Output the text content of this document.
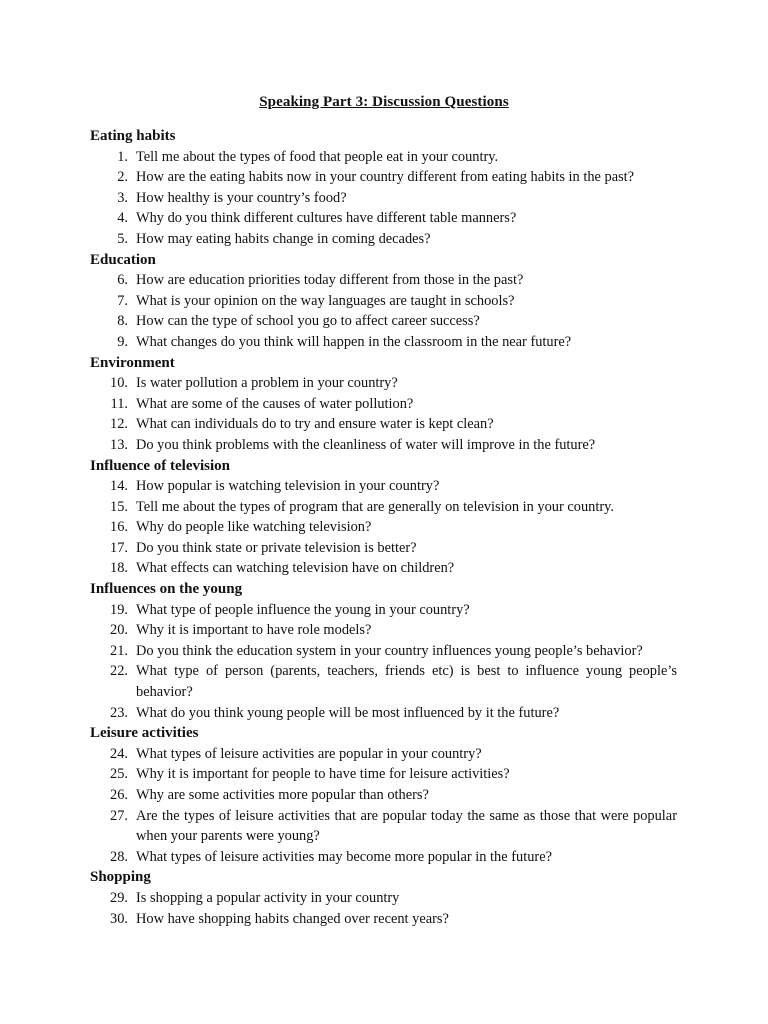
Speaking Part 3: Discussion Questions
Eating habits
1. Tell me about the types of food that people eat in your country.
2. How are the eating habits now in your country different from eating habits in the past?
3. How healthy is your country’s food?
4. Why do you think different cultures have different table manners?
5. How may eating habits change in coming decades?
Education
6. How are education priorities today different from those in the past?
7. What is your opinion on the way languages are taught in schools?
8. How can the type of school you go to affect career success?
9. What changes do you think will happen in the classroom in the near future?
Environment
10. Is water pollution a problem in your country?
11. What are some of the causes of water pollution?
12. What can individuals do to try and ensure water is kept clean?
13. Do you think problems with the cleanliness of water will improve in the future?
Influence of television
14. How popular is watching television in your country?
15. Tell me about the types of program that are generally on television in your country.
16. Why do people like watching television?
17. Do you think state or private television is better?
18. What effects can watching television have on children?
Influences on the young
19. What type of people influence the young in your country?
20. Why it is important to have role models?
21. Do you think the education system in your country influences young people’s behavior?
22. What type of person (parents, teachers, friends etc) is best to influence young people’s behavior?
23. What do you think young people will be most influenced by it the future?
Leisure activities
24. What types of leisure activities are popular in your country?
25. Why it is important for people to have time for leisure activities?
26. Why are some activities more popular than others?
27. Are the types of leisure activities that are popular today the same as those that were popular when your parents were young?
28. What types of leisure activities may become more popular in the future?
Shopping
29. Is shopping a popular activity in your country
30. How have shopping habits changed over recent years?
